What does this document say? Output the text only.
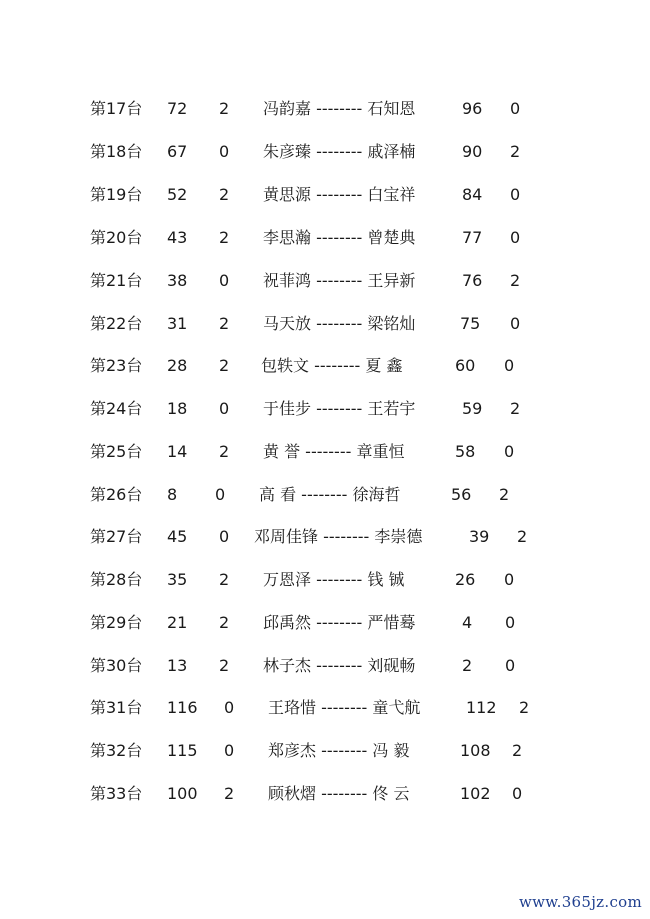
第17台 72 2 冯韵嘉 -------- 石知恩	96 0
第18台 67 0 朱彦臻 -------- 戚泽楠	90 2
第19台 52 2 黄思源 -------- 白宝祥	84 0
第20台 43 2 李思瀚 -------- 曾楚典	77 0
第21台 38 0 祝菲鸿 -------- 王异新	76 2
第22台 31 2 马天放 -------- 梁铭灿	75 0
第23台 28 2 包轶文 -------- 夏 鑫	60 0
第24台 18 0 于佳步 -------- 王若宇	59 2
第25台 14 2 黄 誉 -------- 章重恒	58 0
第26台 8 0 高 看 -------- 徐海哲	56 2
第27台 45 0 邓周佳锋 -------- 李崇德	39 2
第28台 35 2 万恩泽 -------- 钱 铖	26 0
第29台 21 2 邱禹然 -------- 严惜蓦	4 0
第30台 13 2 林子杰 -------- 刘砚畅	2 0
第31台 116 0 王珞惜 -------- 童弋航	112 2
第32台 115 0 郑彦杰 -------- 冯 毅	108 2
第33台 100 2 顾秋熠 -------- 佟 云	102 0
www.365jz.com
